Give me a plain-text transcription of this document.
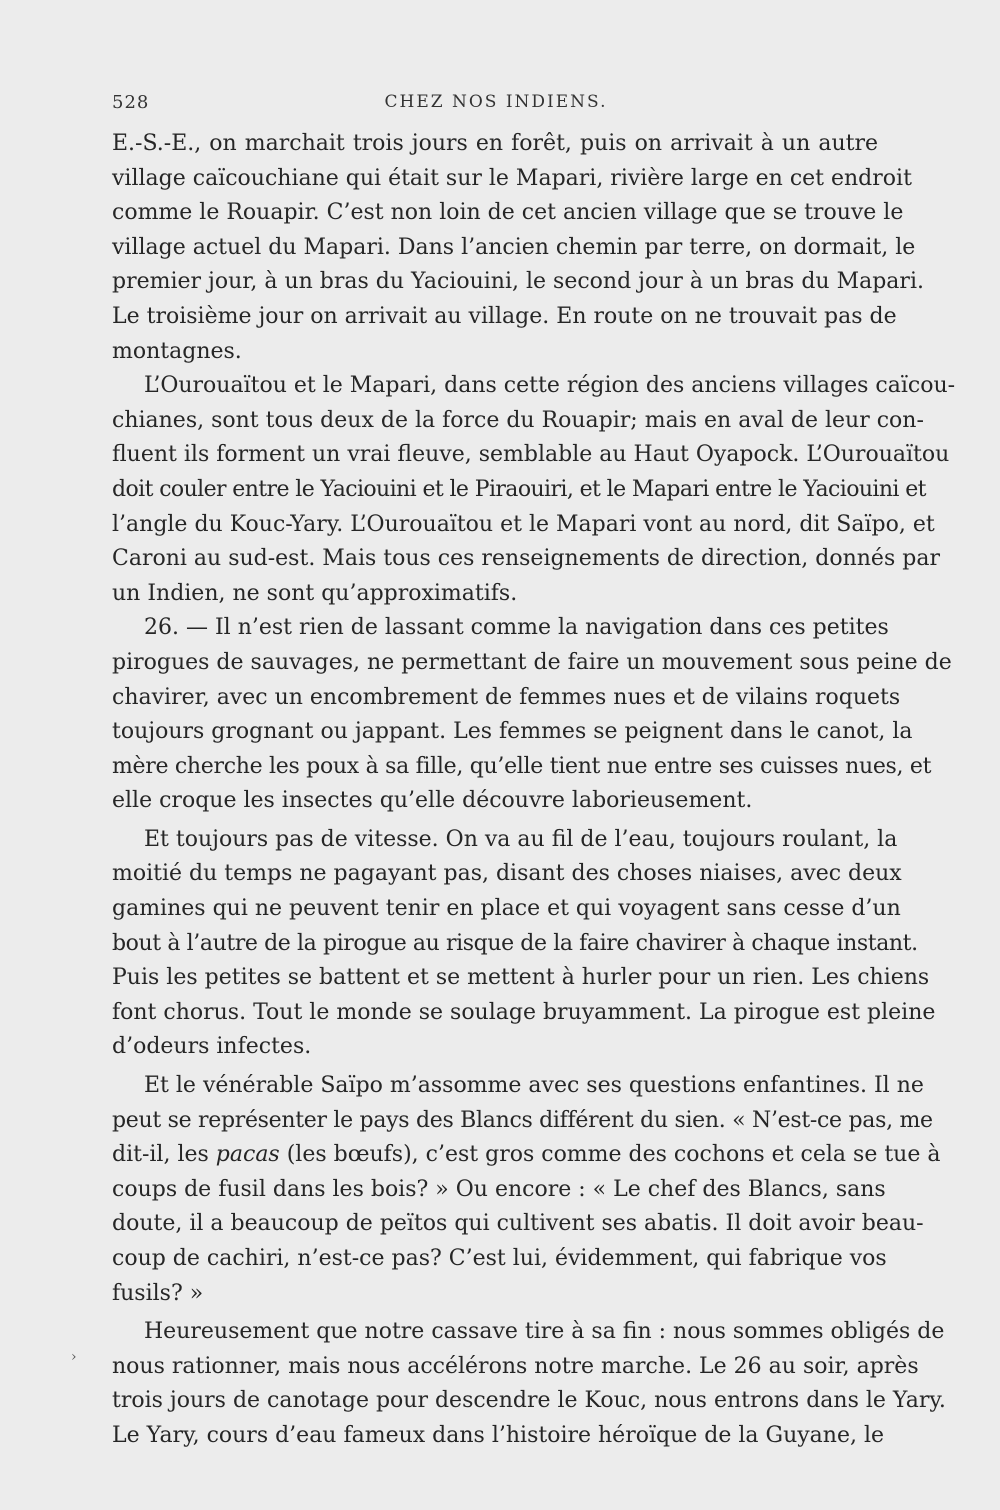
528	CHEZ NOS INDIENS.
›
E.-S.-E., on marchait trois jours en forêt, puis on arrivait à un autre
village caïcouchiane qui était sur le Mapari, rivière large en cet endroit
comme le Rouapir. C’est non loin de cet ancien village que se trouve le
village actuel du Mapari. Dans l’ancien chemin par terre, on dormait, le
premier jour, à un bras du Yaciouini, le second jour à un bras du Mapari.
Le troisième jour on arrivait au village. En route on ne trouvait pas de
montagnes.
L’Ourouaïtou et le Mapari, dans cette région des anciens villages caïcou-
chianes, sont tous deux de la force du Rouapir; mais en aval de leur con-
fluent ils forment un vrai fleuve, semblable au Haut Oyapock. L’Ourouaïtou
doit couler entre le Yaciouini et le Piraouiri, et le Mapari entre le Yaciouini et
l’angle du Kouc-Yary. L’Ourouaïtou et le Mapari vont au nord, dit Saïpo, et
Caroni au sud-est. Mais tous ces renseignements de direction, donnés par
un Indien, ne sont qu’approximatifs.
26. — Il n’est rien de lassant comme la navigation dans ces petites
pirogues de sauvages, ne permettant de faire un mouvement sous peine de
chavirer, avec un encombrement de femmes nues et de vilains roquets
toujours grognant ou jappant. Les femmes se peignent dans le canot, la
mère cherche les poux à sa fille, qu’elle tient nue entre ses cuisses nues, et
elle croque les insectes qu’elle découvre laborieusement.
Et toujours pas de vitesse. On va au fil de l’eau, toujours roulant, la
moitié du temps ne pagayant pas, disant des choses niaises, avec deux
gamines qui ne peuvent tenir en place et qui voyagent sans cesse d’un
bout à l’autre de la pirogue au risque de la faire chavirer à chaque instant.
Puis les petites se battent et se mettent à hurler pour un rien. Les chiens
font chorus. Tout le monde se soulage bruyamment. La pirogue est pleine
d’odeurs infectes.
Et le vénérable Saïpo m’assomme avec ses questions enfantines. Il ne
peut se représenter le pays des Blancs différent du sien. « N’est-ce pas, me
dit-il, les pacas (les bœufs), c’est gros comme des cochons et cela se tue à
coups de fusil dans les bois? » Ou encore : « Le chef des Blancs, sans
doute, il a beaucoup de peïtos qui cultivent ses abatis. Il doit avoir beau-
coup de cachiri, n’est-ce pas? C’est lui, évidemment, qui fabrique vos
fusils? »
Heureusement que notre cassave tire à sa fin : nous sommes obligés de
nous rationner, mais nous accélérons notre marche. Le 26 au soir, après
trois jours de canotage pour descendre le Kouc, nous entrons dans le Yary.
Le Yary, cours d’eau fameux dans l’histoire héroïque de la Guyane, le
